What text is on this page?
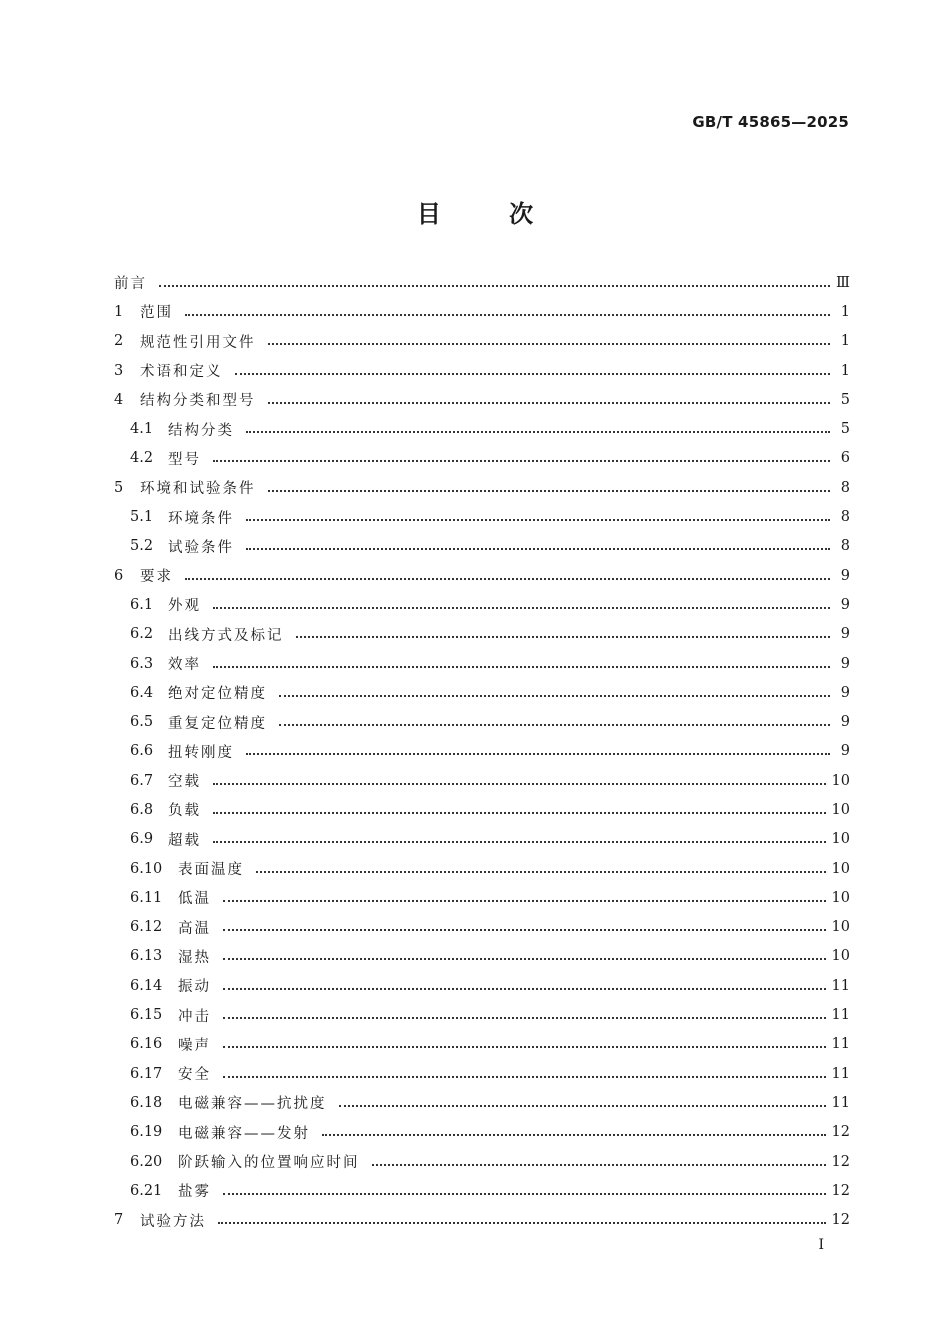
GB/T 45865—2025
目	次
前言	Ⅲ
1	范围	1
2	规范性引用文件	1
3	术语和定义	1
4	结构分类和型号	5
4.1	结构分类	5
4.2	型号	6
5	环境和试验条件	8
5.1	环境条件	8
5.2	试验条件	8
6	要求	9
6.1	外观	9
6.2	出线方式及标记	9
6.3	效率	9
6.4	绝对定位精度	9
6.5	重复定位精度	9
6.6	扭转刚度	9
6.7	空载	10
6.8	负载	10
6.9	超载	10
6.10	表面温度	10
6.11	低温	10
6.12	高温	10
6.13	湿热	10
6.14	振动	11
6.15	冲击	11
6.16	噪声	11
6.17	安全	11
6.18	电磁兼容——抗扰度	11
6.19	电磁兼容——发射	12
6.20	阶跃输入的位置响应时间	12
6.21	盐雾	12
7	试验方法	12
I
